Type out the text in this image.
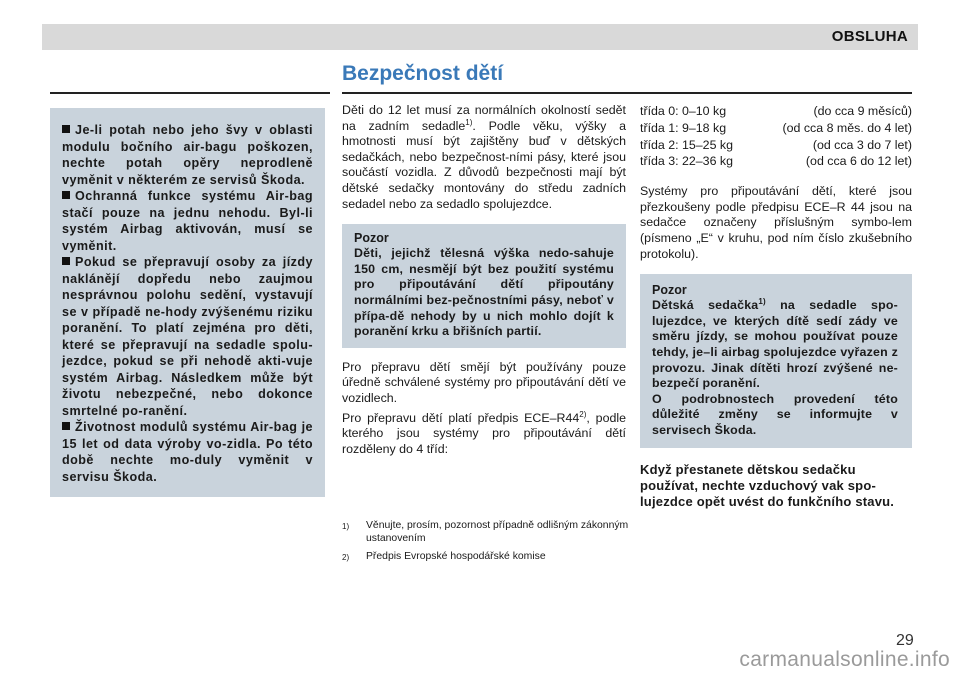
OBSLUHA
Bezpečnost dětí

Je-li potah nebo jeho švy v oblasti modulu bočního air-bagu poškozen, nechte potah opěry neprodleně vyměnit v některém ze servisů Škoda.

Ochranná funkce systému Air-bag stačí pouze na jednu nehodu. Byl-li systém Airbag aktivován, musí se vyměnit.

Pokud se přepravují osoby za jízdy naklánějí dopředu nebo zaujmou nesprávnou polohu sedění, vystavují se v případě ne-hody zvýšenému riziku poranění. To platí zejména pro děti, které se přepravují na sedadle spolu-jezdce, pokud se při nehodě akti-vuje systém Airbag. Následkem může být životu nebezpečné, nebo dokonce smrtelné po-ranění.

Životnost modulů systému Air-bag je 15 let od data výroby vo-zidla. Po této době nechte mo-duly vyměnit v servisu Škoda.

Děti do 12 let musí za normálních okolností sedět na zadním sedadle$^{1)}$. Podle věku, výšky a hmotnosti musí být zajištěny buď v dětských sedačkách, nebo bezpečnost-ními pásy, které jsou součástí vozidla. Z důvodů bezpečnosti mají být dětské sedačky montovány do středu zadních sedadel nebo za sedadlo spolujezdce.

Pozor
Děti, jejichž tělesná výška nedo-sahuje 150 cm, nesmějí být bez použití systému pro připoutávání dětí připoutány normálními bez-pečnostními pásy, neboť v přípa-dě nehody by u nich mohlo dojít k poranění krku a břišních partií.

Pro přepravu dětí smějí být používány pouze úředně schválené systémy pro připoutávání dětí ve vozidlech.

Pro přepravu dětí platí předpis ECE–R44$^{2)}$, podle kterého jsou systémy pro připoutávání dětí rozděleny do 4 tříd:

1)	Věnujte, prosím, pozornost případně odlišným zákonným ustanovením
2)	Předpis Evropské hospodářské komise
třída 0: 0–10 kg	(do cca 9 měsíců)
třída 1: 9–18 kg	(od cca 8 měs. do 4 let)
třída 2: 15–25 kg	(od cca 3 do 7 let)
třída 3: 22–36 kg	(od cca 6 do 12 let)

Systémy pro připoutávání dětí, které jsou přezkoušeny podle předpisu ECE–R 44 jsou na sedačce označeny příslušným symbo-lem (písmeno „E“ v kruhu, pod ním číslo zkušebního protokolu).

Pozor
Dětská sedačka$^{1)}$ na sedadle spo-lujezdce, ve kterých dítě sedí zády ve směru jízdy, se mohou používat pouze tehdy, je–li airbag spolujezdce vyřazen z provozu. Jinak dítěti hrozí zvýšené ne-bezpečí poranění.
O podrobnostech provedení této důležité změny se informujte v servisech Škoda.
Když přestanete dětskou sedačku používat, nechte vzduchový vak spo-lujezdce opět uvést do funkčního stavu.
29
carmanualsonline.info
